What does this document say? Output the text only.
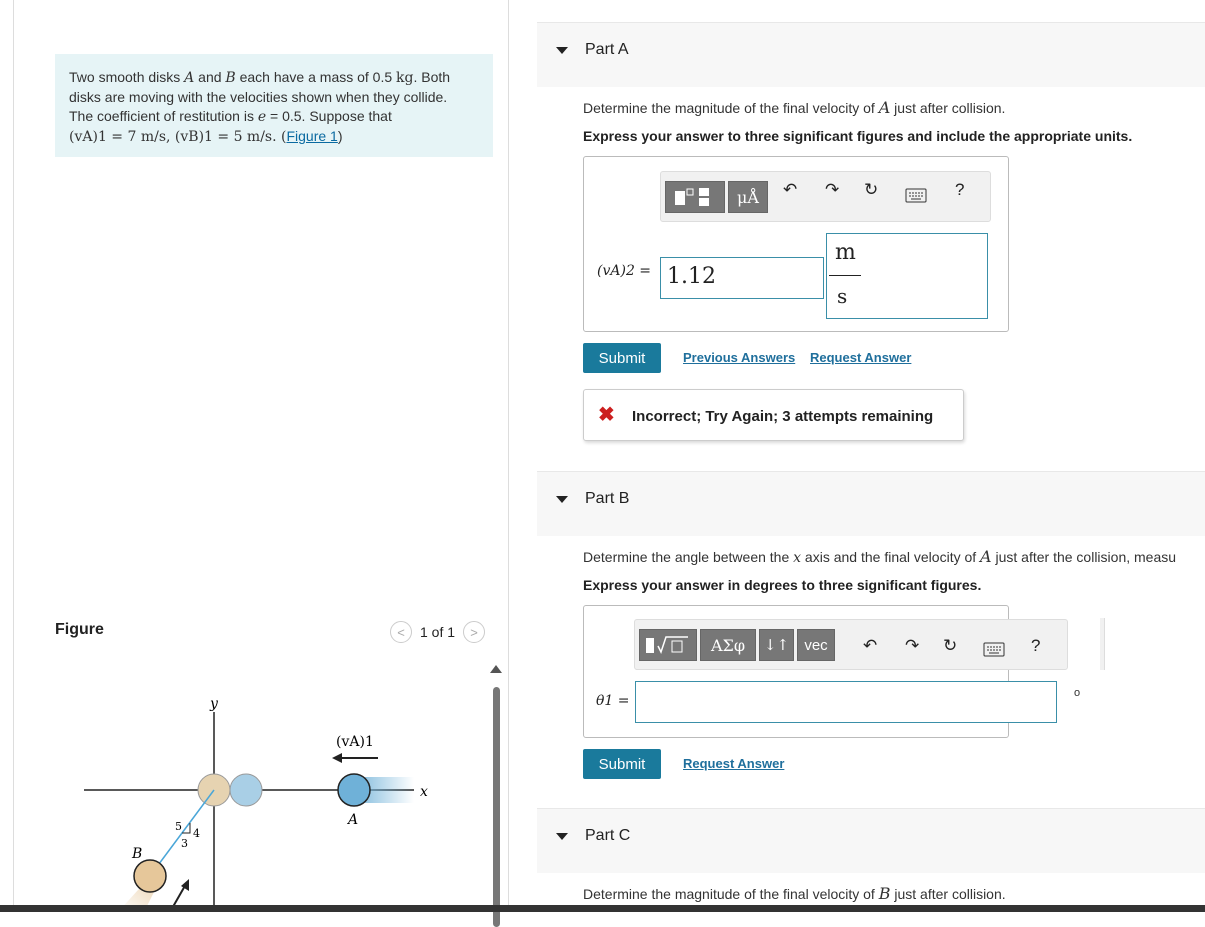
Two smooth disks A and B each have a mass of 0.5 kg. Both
disks are moving with the velocities shown when they collide.
The coefficient of restitution is e = 0.5. Suppose that
(vA)1 = 7 m/s, (vB)1 = 5 m/s. (Figure 1)
Figure	<	1 of 1	>
y
x
A
(vA)1
5
4
3
B
Part A
Determine the magnitude of the final velocity of A just after collision.
Express your answer to three significant figures and include the appropriate units.
μÅ	↶ ↷ ↻	?
(vA)2 = 1.12
m
s
Submit	Previous Answers Request Answer
✖ Incorrect; Try Again; 3 attempts remaining
Part B
Determine the angle between the x axis and the final velocity of A just after the collision, measu
Express your answer in degrees to three significant figures.
ΑΣφ	↓↑	vec	↶ ↷ ↻	?
θ1 =	o
Submit	Request Answer
Part C
Determine the magnitude of the final velocity of B just after collision.
